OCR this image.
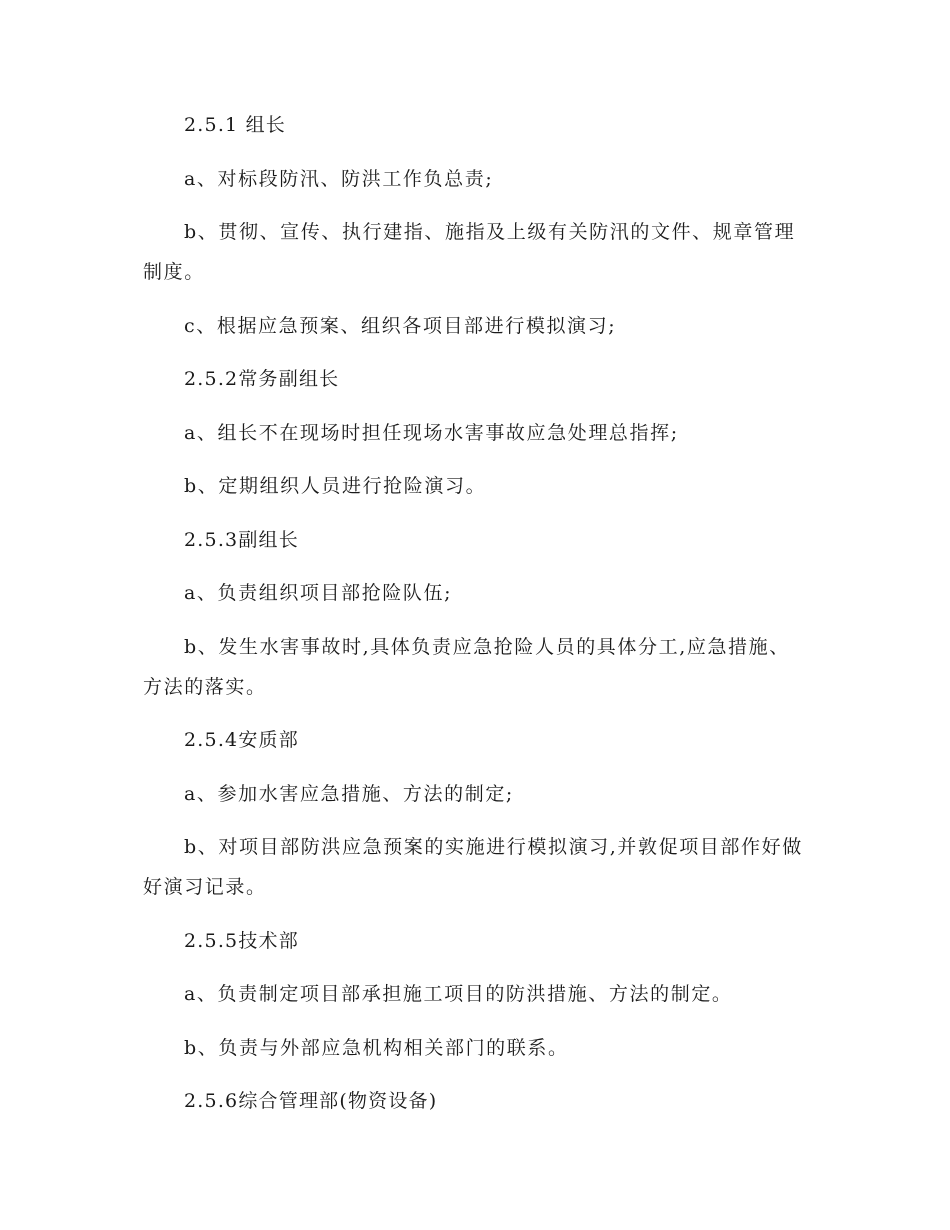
2.5.1 组长

a、对标段防汛、防洪工作负总责;

b、贯彻、宣传、执行建指、施指及上级有关防汛的文件、规章管理制度。

c、根据应急预案、组织各项目部进行模拟演习;

2.5.2常务副组长

a、组长不在现场时担任现场水害事故应急处理总指挥;

b、定期组织人员进行抢险演习。

2.5.3副组长

a、负责组织项目部抢险队伍;

b、发生水害事故时,具体负责应急抢险人员的具体分工,应急措施、方法的落实。

2.5.4安质部

a、参加水害应急措施、方法的制定;

b、对项目部防洪应急预案的实施进行模拟演习,并敦促项目部作好做好演习记录。

2.5.5技术部

a、负责制定项目部承担施工项目的防洪措施、方法的制定。

b、负责与外部应急机构相关部门的联系。

2.5.6综合管理部(物资设备)
